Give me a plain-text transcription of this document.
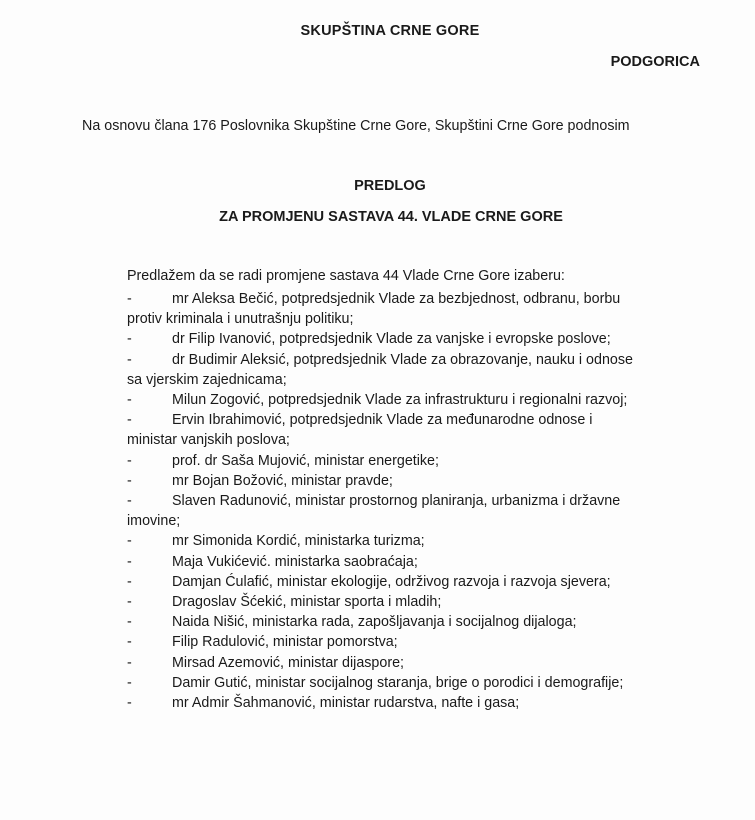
SKUPŠTINA CRNE GORE
PODGORICA
Na osnovu člana 176 Poslovnika Skupštine Crne Gore, Skupštini Crne Gore podnosim
PREDLOG
ZA PROMJENU SASTAVA 44. VLADE CRNE GORE
Predlažem da se radi promjene sastava 44 Vlade Crne Gore izaberu:
-	mr Aleksa Bečić, potpredsjednik Vlade za bezbjednost, odbranu, borbu
protiv kriminala i unutrašnju politiku;
-	dr Filip Ivanović, potpredsjednik Vlade za vanjske i evropske poslove;
-	dr Budimir Aleksić, potpredsjednik Vlade za obrazovanje, nauku i odnose
sa vjerskim zajednicama;
-	Milun Zogović, potpredsjednik Vlade za infrastrukturu i regionalni razvoj;
-	Ervin Ibrahimović, potpredsjednik Vlade za međunarodne odnose i
ministar vanjskih poslova;
-	prof. dr Saša Mujović, ministar energetike;
-	mr Bojan Božović, ministar pravde;
-	Slaven Radunović, ministar prostornog planiranja, urbanizma i državne
imovine;
-	mr Simonida Kordić, ministarka turizma;
-	Maja Vukićević. ministarka saobraćaja;
-	Damjan Ćulafić, ministar ekologije, održivog razvoja i razvoja sjevera;
-	Dragoslav Šćekić, ministar sporta i mladih;
-	Naida Nišić, ministarka rada, zapošljavanja i socijalnog dijaloga;
-	Filip Radulović, ministar pomorstva;
-	Mirsad Azemović, ministar dijaspore;
-	Damir Gutić, ministar socijalnog staranja, brige o porodici i demografije;
-	mr Admir Šahmanović, ministar rudarstva, nafte i gasa;
